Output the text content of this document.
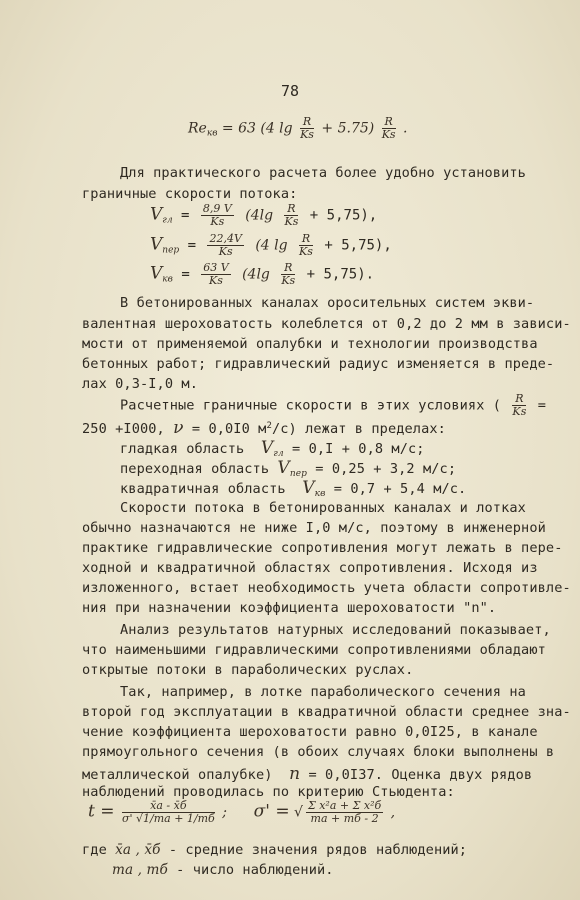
78
$Re_{кв} = 63$ (4 $\lg \frac{R}{Ks} + 5.75) \frac{R}{Ks}$ .
Для практического расчета более удобно установить
граничные скорости потока:
$V_{гл} = \frac{8,9 V}{Ks} (4\lg \frac{R}{Ks} + 5,75)$,
$V_{пер} = \frac{22,4V}{Ks} (4$ $\lg \frac{R}{Ks} + 5,75$),
$V_{кв} = \frac{63 V}{Ks} (4\lg \frac{R}{Ks} + 5,75)$.
В бетонированных каналах оросительных систем экви-
валентная шероховатость колеблется от 0,2 до 2 мм в зависи-
мости от применяемой опалубки и технологии производства
бетонных работ; гидравлический радиус изменяется в преде-
лах 0,3-I,0 м.
Расчетные граничные скорости в этих условиях ( $\frac{R}{Ks}$ =
250 +I000, ν = 0,0I0 $м^2/с$) лежат в пределах:
гладкая область $V_{гл} = 0,I + 0,8$ м/с;
переходная область $V_{пер} = 0,25 + 3,2$ м/с;
квадратичная область $V_{кв} = 0,7 + 5,4$ м/с.
Скорости потока в бетонированных каналах и лотках
обычно назначаются не ниже I,0 м/с, поэтому в инженерной
практике гидравлические сопротивления могут лежать в пере-
ходной и квадратичной областях сопротивления. Исходя из
изложенного, встает необходимость учета области сопротивле-
ния при назначении коэффициента шероховатости "n".
Анализ результатов натурных исследований показывает,
что наименьшими гидравлическими сопротивлениями обладают
открытые потоки в параболических руслах.
Так, например, в лотке параболического сечения на
второй год эксплуатации в квадратичной области среднее зна-
чение коэффициента шероховатости равно 0,0I25, в канале
прямоугольного сечения (в обоих случаях блоки выполнены в
металлической опалубке) n = 0,0I37. Оценка двух рядов
наблюдений проводилась по критерию Стьюдента:
$t = \frac{x̄a - x̄б}{\sigma' √1/ma + 1/mб}$ ; σ' = √ $\frac{\text{Σ x²a + Σ x²б}}{ma + mб - 2}$ ,
где x̄a , x̄б - средние значения рядов наблюдений;
ma , mб - число наблюдений.
